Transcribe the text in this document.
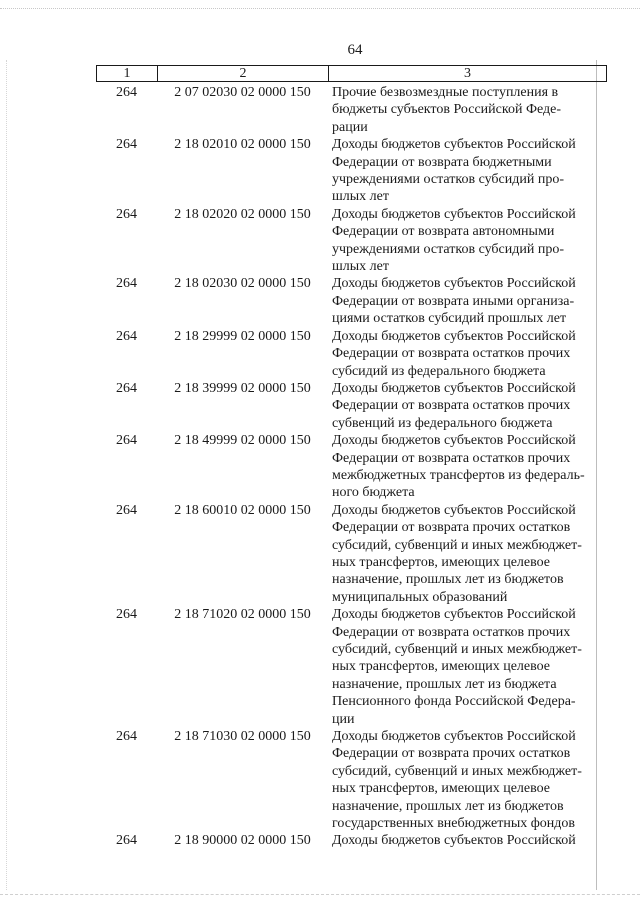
64
1	2	3
264	2 07 02030 02 0000 150	Прочие безвозмездные поступления в
бюджеты субъектов Российской Феде-
рации
264	2 18 02010 02 0000 150	Доходы бюджетов субъектов Российской
Федерации от возврата бюджетными
учреждениями остатков субсидий про-
шлых лет
264	2 18 02020 02 0000 150	Доходы бюджетов субъектов Российской
Федерации от возврата автономными
учреждениями остатков субсидий про-
шлых лет
264	2 18 02030 02 0000 150	Доходы бюджетов субъектов Российской
Федерации от возврата иными организа-
циями остатков субсидий прошлых лет
264	2 18 29999 02 0000 150	Доходы бюджетов субъектов Российской
Федерации от возврата остатков прочих
субсидий из федерального бюджета
264	2 18 39999 02 0000 150	Доходы бюджетов субъектов Российской
Федерации от возврата остатков прочих
субвенций из федерального бюджета
264	2 18 49999 02 0000 150	Доходы бюджетов субъектов Российской
Федерации от возврата остатков прочих
межбюджетных трансфертов из федераль-
ного бюджета
264	2 18 60010 02 0000 150	Доходы бюджетов субъектов Российской
Федерации от возврата прочих остатков
субсидий, субвенций и иных межбюджет-
ных трансфертов, имеющих целевое
назначение, прошлых лет из бюджетов
муниципальных образований
264	2 18 71020 02 0000 150	Доходы бюджетов субъектов Российской
Федерации от возврата остатков прочих
субсидий, субвенций и иных межбюджет-
ных трансфертов, имеющих целевое
назначение, прошлых лет из бюджета
Пенсионного фонда Российской Федера-
ции
264	2 18 71030 02 0000 150	Доходы бюджетов субъектов Российской
Федерации от возврата прочих остатков
субсидий, субвенций и иных межбюджет-
ных трансфертов, имеющих целевое
назначение, прошлых лет из бюджетов
государственных внебюджетных фондов
264	2 18 90000 02 0000 150	Доходы бюджетов субъектов Российской
